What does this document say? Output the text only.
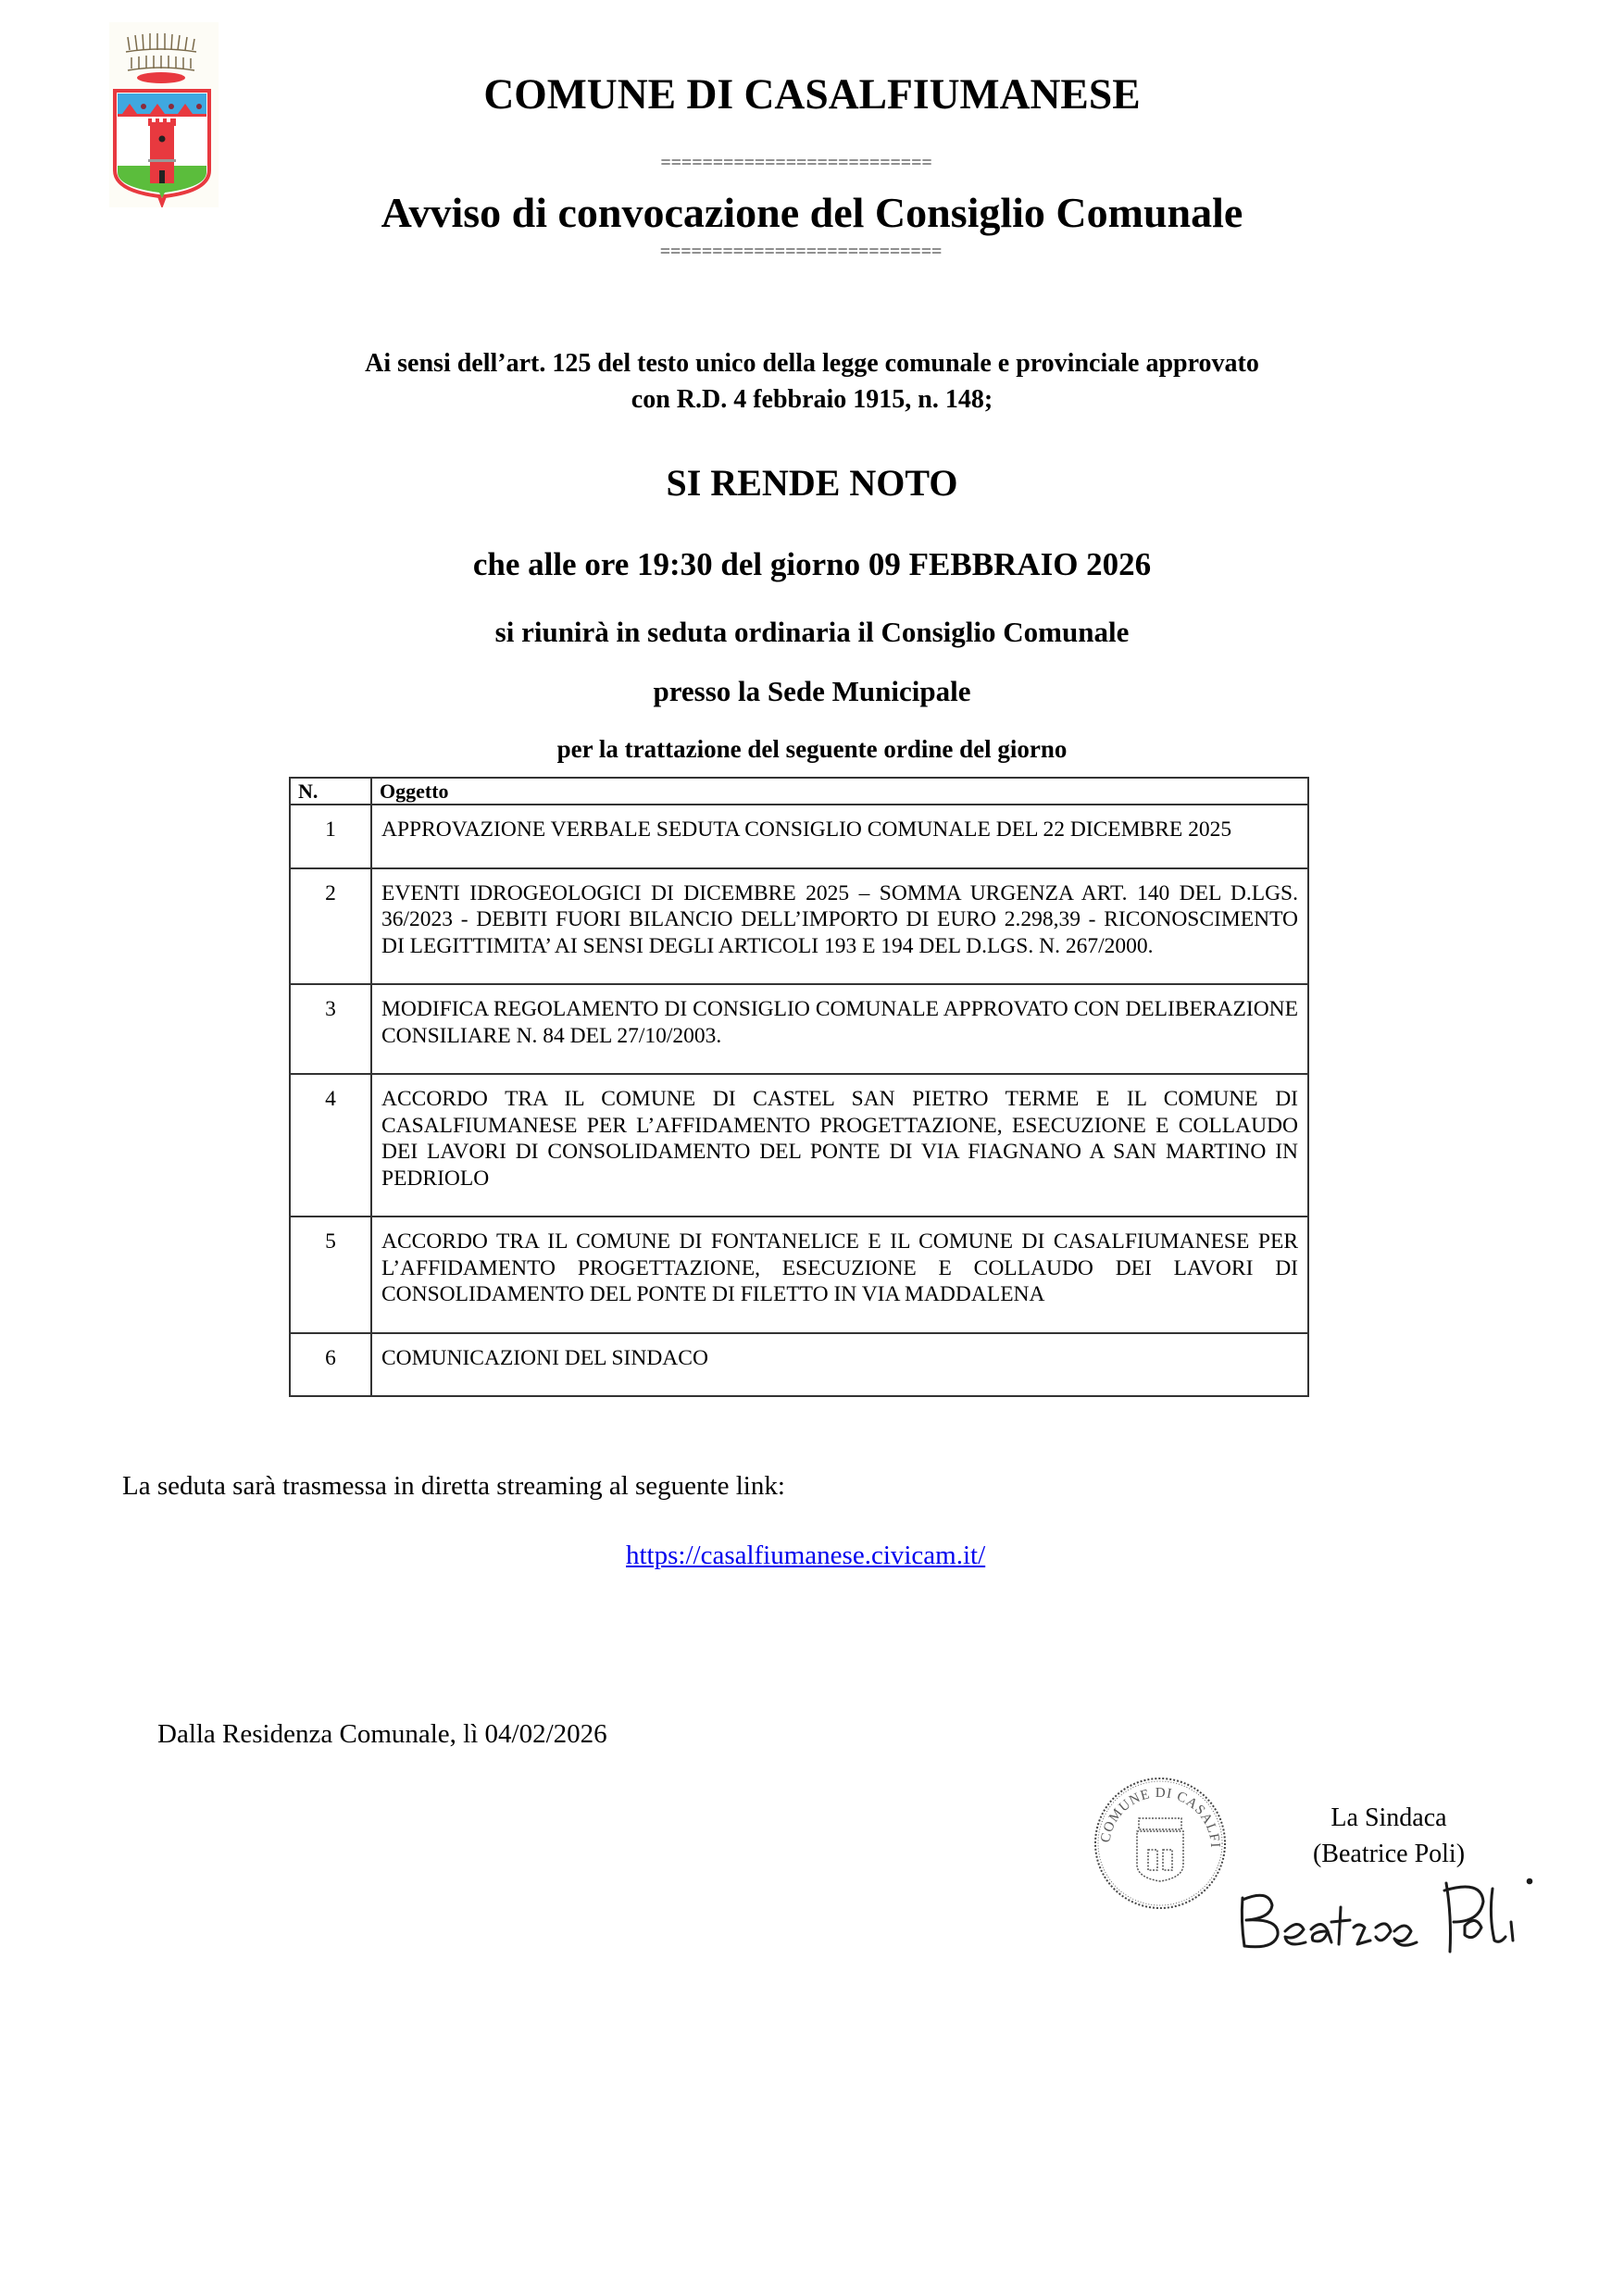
COMUNE DI CASALFIUMANESE
==========================
Avviso di convocazione del Consiglio Comunale
===========================
Ai sensi dell’art. 125 del testo unico della legge comunale e provinciale approvato
con R.D. 4 febbraio 1915, n. 148;
SI RENDE NOTO
che alle ore 19:30 del giorno 09 FEBBRAIO 2026
si riunirà in seduta ordinaria il Consiglio Comunale
presso la Sede Municipale
per la trattazione del seguente ordine del giorno
N.	Oggetto
1	APPROVAZIONE VERBALE SEDUTA CONSIGLIO COMUNALE DEL 22 DICEMBRE 2025
2	EVENTI IDROGEOLOGICI DI DICEMBRE 2025 – SOMMA URGENZA ART. 140 DEL D.LGS. 36/2023 - DEBITI FUORI BILANCIO DELL’IMPORTO DI EURO 2.298,39 - RICONOSCIMENTO DI LEGITTIMITA’ AI SENSI DEGLI ARTICOLI 193 E 194 DEL D.LGS. N. 267/2000.
3	MODIFICA REGOLAMENTO DI CONSIGLIO COMUNALE APPROVATO CON DELIBERAZIONE CONSILIARE N. 84 DEL 27/10/2003.
4	ACCORDO TRA IL COMUNE DI CASTEL SAN PIETRO TERME E IL COMUNE DI CASALFIUMANESE PER L’AFFIDAMENTO PROGETTAZIONE, ESECUZIONE E COLLAUDO DEI LAVORI DI CONSOLIDAMENTO DEL PONTE DI VIA FIAGNANO A SAN MARTINO IN PEDRIOLO
5	ACCORDO TRA IL COMUNE DI FONTANELICE E IL COMUNE DI CASALFIUMANESE PER L’AFFIDAMENTO PROGETTAZIONE, ESECUZIONE E COLLAUDO DEI LAVORI DI CONSOLIDAMENTO DEL PONTE DI FILETTO IN VIA MADDALENA
6	COMUNICAZIONI DEL SINDACO
La seduta sarà trasmessa in diretta streaming al seguente link:
https://casalfiumanese.civicam.it/
Dalla Residenza Comunale, lì 04/02/2026
COMUNE DI CASALFI
La Sindaca
(Beatrice Poli)
